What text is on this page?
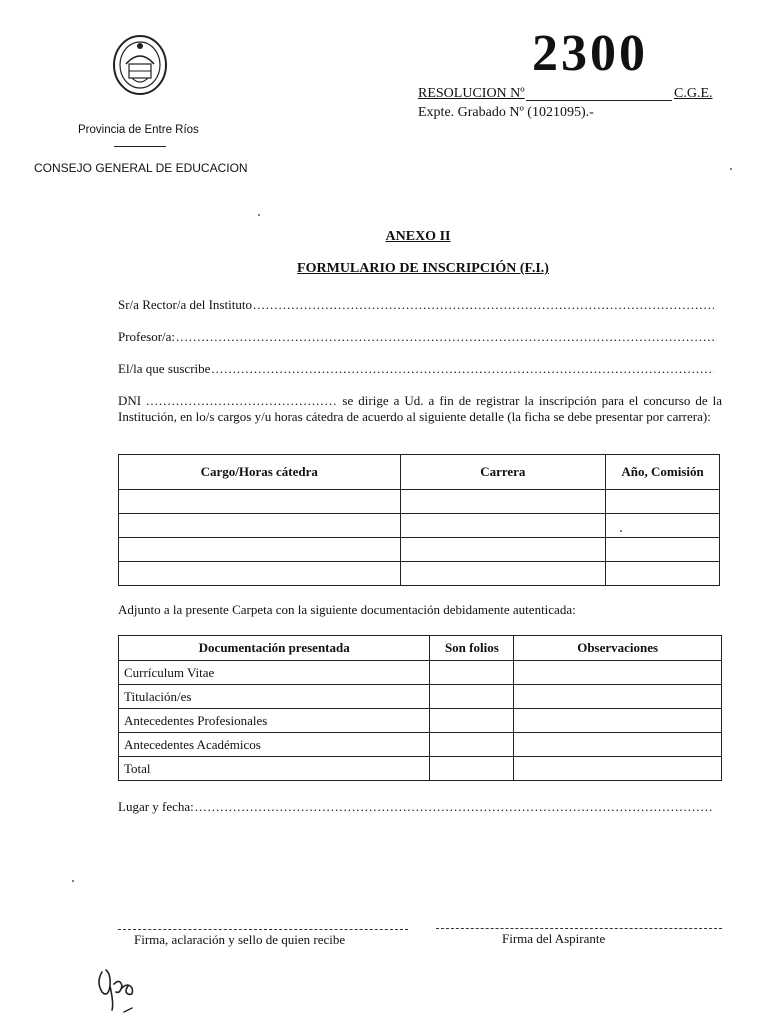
Provincia de Entre Ríos
CONSEJO GENERAL DE EDUCACION
2300
RESOLUCION Nº	C.G.E.
Expte. Grabado Nº (1021095).-
ANEXO II
FORMULARIO DE INSCRIPCIÓN (F.I.)
Sr/a Rector/a del Instituto
.....
Profesor/a:
.....
El/la que suscribe
.....
DNI ............................................. se dirige a Ud. a fin de registrar la inscripción para el concurso de la Institución, en lo/s cargos y/u horas cátedra de acuerdo al siguiente detalle (la ficha se debe presentar por carrera):
Cargo/Horas cátedra	Carrera	Año, Comisión

Adjunto a la presente Carpeta con la siguiente documentación debidamente autenticada:
Documentación presentada	Son folios	Observaciones
Currículum Vitae		
Titulación/es		
Antecedentes Profesionales		
Antecedentes Académicos		
Total		
Lugar y fecha:
.....
Firma, aclaración y sello de quien recibe	Firma del Aspirante
